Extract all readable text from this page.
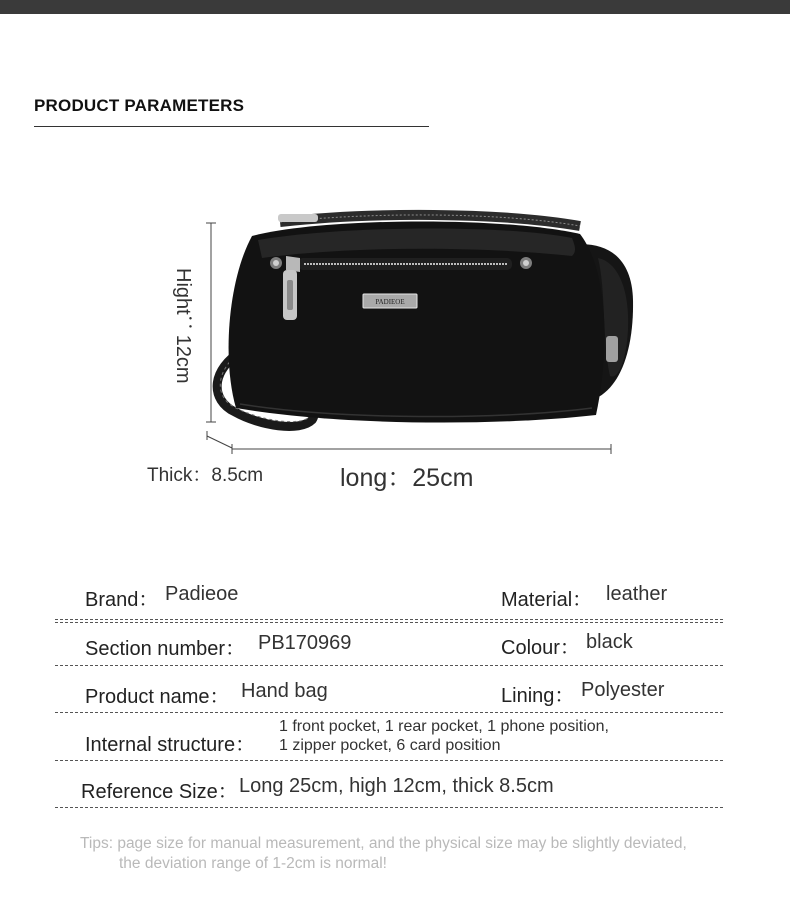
PRODUCT PARAMETERS
PADIEOE
Hight：12cm
Thick：8.5cm	long：25cm
Brand： Padieoe	Material： leather
Section number： PB170969	Colour： black
Product name： Hand bag	Lining： Polyester
Internal structure：
1 front pocket, 1 rear pocket, 1 phone position,
1 zipper pocket, 6 card position
Reference Size： Long 25cm, high 12cm, thick 8.5cm
Tips: page size for manual measurement, and the physical size may be slightly deviated,
the deviation range of 1-2cm is normal!
